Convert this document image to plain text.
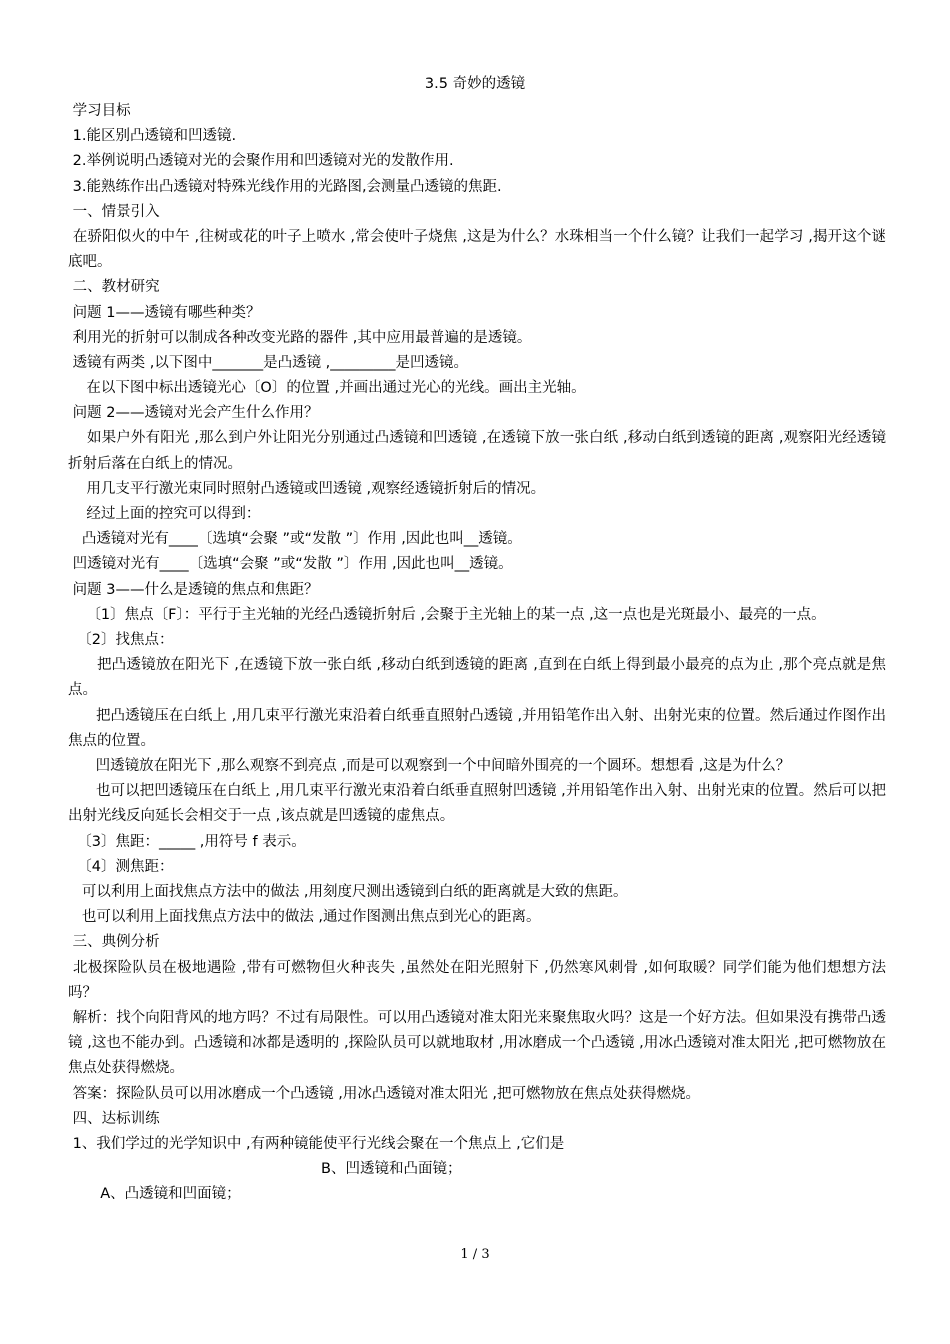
3.5 奇妙的透镜
学习目标
1.能区别凸透镜和凹透镜.
2.举例说明凸透镜对光的会聚作用和凹透镜对光的发散作用.
3.能熟练作出凸透镜对特殊光线作用的光路图,会测量凸透镜的焦距.
一、情景引入
在骄阳似火的中午 ,往树或花的叶子上喷水 ,常会使叶子烧焦 ,这是为什么？水珠相当一个什么镜？让我们一起学习 ,揭开这个谜底吧。
二、教材研究
问题 1——透镜有哪些种类？
利用光的折射可以制成各种改变光路的器件 ,其中应用最普遍的是透镜。
透镜有两类 ,以下图中_______是凸透镜 ,_________是凹透镜。
在以下图中标出透镜光心〔O〕的位置 ,并画出通过光心的光线。画出主光轴。
问题 2——透镜对光会产生什么作用？
如果户外有阳光 ,那么到户外让阳光分别通过凸透镜和凹透镜 ,在透镜下放一张白纸 ,移动白纸到透镜的距离 ,观察阳光经透镜折射后落在白纸上的情况。
用几支平行激光束同时照射凸透镜或凹透镜 ,观察经透镜折射后的情况。
经过上面的控究可以得到：
凸透镜对光有____〔选填“会聚 ”或“发散 ”〕作用 ,因此也叫__透镜。
凹透镜对光有____〔选填“会聚 ”或“发散 ”〕作用 ,因此也叫__透镜。
问题 3——什么是透镜的焦点和焦距？
〔1〕焦点〔F〕：平行于主光轴的光经凸透镜折射后 ,会聚于主光轴上的某一点 ,这一点也是光斑最小、最亮的一点。
〔2〕找焦点：
把凸透镜放在阳光下 ,在透镜下放一张白纸 ,移动白纸到透镜的距离 ,直到在白纸上得到最小最亮的点为止 ,那个亮点就是焦点。
把凸透镜压在白纸上 ,用几束平行激光束沿着白纸垂直照射凸透镜 ,并用铅笔作出入射、出射光束的位置。然后通过作图作出焦点的位置。
凹透镜放在阳光下 ,那么观察不到亮点 ,而是可以观察到一个中间暗外围亮的一个圆环。想想看 ,这是为什么？
也可以把凹透镜压在白纸上 ,用几束平行激光束沿着白纸垂直照射凹透镜 ,并用铅笔作出入射、出射光束的位置。然后可以把出射光线反向延长会相交于一点 ,该点就是凹透镜的虚焦点。
〔3〕焦距：_____ ,用符号 f 表示。
〔4〕测焦距：
可以利用上面找焦点方法中的做法 ,用刻度尺测出透镜到白纸的距离就是大致的焦距。
也可以利用上面找焦点方法中的做法 ,通过作图测出焦点到光心的距离。
三、典例分析
北极探险队员在极地遇险 ,带有可燃物但火种丧失 ,虽然处在阳光照射下 ,仍然寒风刺骨 ,如何取暖？同学们能为他们想想方法吗？
解析：找个向阳背风的地方吗？不过有局限性。可以用凸透镜对准太阳光来聚焦取火吗？这是一个好方法。但如果没有携带凸透镜 ,这也不能办到。凸透镜和冰都是透明的 ,探险队员可以就地取材 ,用冰磨成一个凸透镜 ,用冰凸透镜对准太阳光 ,把可燃物放在焦点处获得燃烧。
答案：探险队员可以用冰磨成一个凸透镜 ,用冰凸透镜对准太阳光 ,把可燃物放在焦点处获得燃烧。
四、达标训练
1、我们学过的光学知识中 ,有两种镜能使平行光线会聚在一个焦点上 ,它们是

A、凸透镜和凹面镜；

B、凹透镜和凸面镜；

1 / 3
